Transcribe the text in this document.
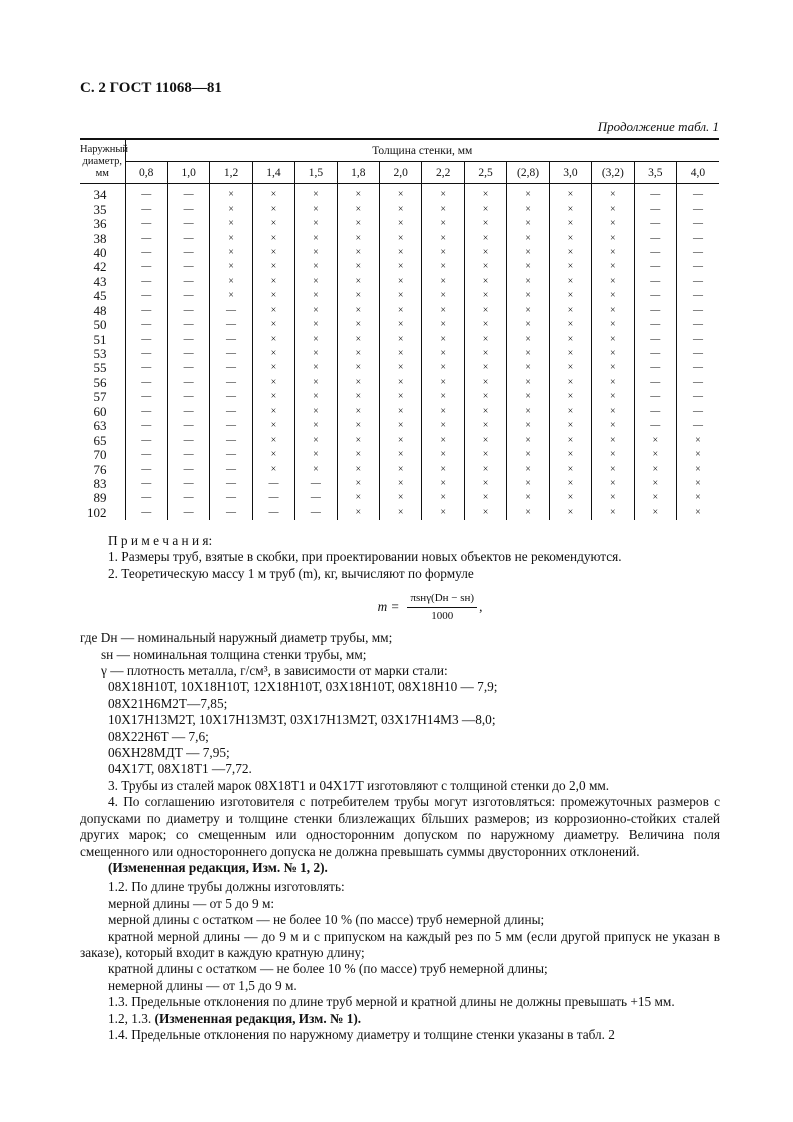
С. 2 ГОСТ 11068—81
Продолжение табл. 1
Наружный диаметр, мм	Толщина стенки, мм													
	0,8	1,0	1,2	1,4	1,5	1,8	2,0	2,2	2,5	(2,8)	3,0	(3,2)	3,5	4,0
34	—	—	×	×	×	×	×	×	×	×	×	×	—	—
35	—	—	×	×	×	×	×	×	×	×	×	×	—	—
36	—	—	×	×	×	×	×	×	×	×	×	×	—	—
38	—	—	×	×	×	×	×	×	×	×	×	×	—	—
40	—	—	×	×	×	×	×	×	×	×	×	×	—	—
42	—	—	×	×	×	×	×	×	×	×	×	×	—	—
43	—	—	×	×	×	×	×	×	×	×	×	×	—	—
45	—	—	×	×	×	×	×	×	×	×	×	×	—	—
48	—	—	—	×	×	×	×	×	×	×	×	×	—	—
50	—	—	—	×	×	×	×	×	×	×	×	×	—	—
51	—	—	—	×	×	×	×	×	×	×	×	×	—	—
53	—	—	—	×	×	×	×	×	×	×	×	×	—	—
55	—	—	—	×	×	×	×	×	×	×	×	×	—	—
56	—	—	—	×	×	×	×	×	×	×	×	×	—	—
57	—	—	—	×	×	×	×	×	×	×	×	×	—	—
60	—	—	—	×	×	×	×	×	×	×	×	×	—	—
63	—	—	—	×	×	×	×	×	×	×	×	×	—	—
65	—	—	—	×	×	×	×	×	×	×	×	×	×	×
70	—	—	—	×	×	×	×	×	×	×	×	×	×	×
76	—	—	—	×	×	×	×	×	×	×	×	×	×	×
83	—	—	—	—	—	×	×	×	×	×	×	×	×	×
89	—	—	—	—	—	×	×	×	×	×	×	×	×	×
102	—	—	—	—	—	×	×	×	×	×	×	×	×	×

П р и м е ч а н и я:

1. Размеры труб, взятые в скобки, при проектировании новых объектов не рекомендуются.

2. Теоретическую массу 1 м труб (m), кг, вычисляют по формуле

$m = \frac{\text{πsнγ(Dн − sн)}}{1000}$ ,

где Dн — номинальный наружный диаметр трубы, мм;

sн — номинальная толщина стенки трубы, мм;

γ — плотность металла, г/см³, в зависимости от марки стали:

08Х18Н10Т, 10Х18Н10Т, 12Х18Н10Т, 03Х18Н10Т, 08Х18Н10 — 7,9;

08Х21Н6М2Т—7,85;

10Х17Н13М2Т, 10Х17Н13М3Т, 03Х17Н13М2Т, 03Х17Н14М3 —8,0;

08Х22Н6Т — 7,6;

06ХН28МДТ — 7,95;

04Х17Т, 08Х18Т1 —7,72.

3. Трубы из сталей марок 08Х18Т1 и 04Х17Т изготовляют с толщиной стенки до 2,0 мм.

4. По соглашению изготовителя с потребителем трубы могут изготовляться: промежуточных размеров с допусками по диаметру и толщине стенки близлежащих бîльших размеров; из коррозионно-стойких сталей других марок; со смещенным или односторонним допуском по наружному диаметру. Величина поля смещенного или одностороннего допуска не должна превышать суммы двусторонних отклонений.

(Измененная редакция, Изм. № 1, 2).

1.2. По длине трубы должны изготовлять:

мерной длины — от 5 до 9 м:

мерной длины с остатком — не более 10 % (по массе) труб немерной длины;

кратной мерной длины — до 9 м и с припуском на каждый рез по 5 мм (если другой припуск не указан в заказе), который входит в каждую кратную длину;

кратной длины с остатком — не более 10 % (по массе) труб немерной длины;

немерной длины — от 1,5 до 9 м.

1.3. Предельные отклонения по длине труб мерной и кратной длины не должны превышать +15 мм.

1.2, 1.3. (Измененная редакция, Изм. № 1).

1.4. Предельные отклонения по наружному диаметру и толщине стенки указаны в табл. 2
